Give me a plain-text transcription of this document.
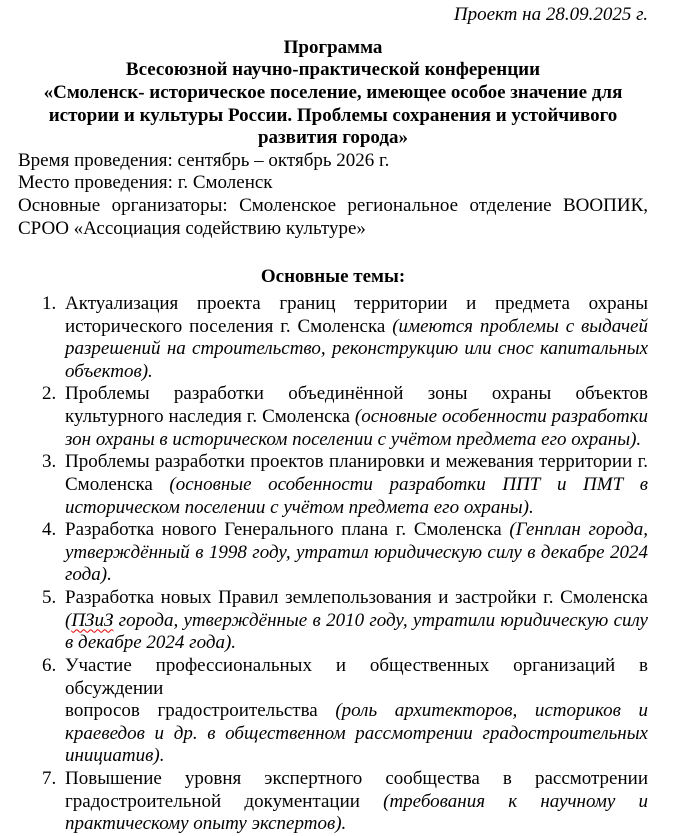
Проект на 28.09.2025 г.
Программа
Всесоюзной научно-практической конференции
«Смоленск- историческое поселение, имеющее особое значение для
истории и культуры России. Проблемы сохранения и устойчивого
развития города»
Время проведения: сентябрь – октябрь 2026 г.
Место проведения: г. Смоленск
Основные организаторы: Смоленское региональное отделение ВООПИК,
СРОО «Ассоциация содействию культуре»
Основные темы:
1. Актуализация проекта границ территории и предмета охраны
исторического поселения г. Смоленска (имеются проблемы с выдачей
разрешений на строительство, реконструкцию или снос капитальных
объектов).
2. Проблемы разработки объединённой зоны охраны объектов
культурного наследия г. Смоленска (основные особенности разработки
зон охраны в историческом поселении с учётом предмета его охраны).
3. Проблемы разработки проектов планировки и межевания территории г.
Смоленска (основные особенности разработки ППТ и ПМТ в
историческом поселении с учётом предмета его охраны).
4. Разработка нового Генерального плана г. Смоленска (Генплан города,
утверждённый в 1998 году, утратил юридическую силу в декабре 2024
года).
5. Разработка новых Правил землепользования и застройки г. Смоленска
(ПЗиЗ города, утверждённые в 2010 году, утратили юридическую силу
в декабре 2024 года).
6. Участие профессиональных и общественных организаций в обсуждении
вопросов градостроительства (роль архитекторов, историков и
краеведов и др. в общественном рассмотрении градостроительных
инициатив).
7. Повышение уровня экспертного сообщества в рассмотрении
градостроительной документации (требования к научному и
практическому опыту экспертов).
